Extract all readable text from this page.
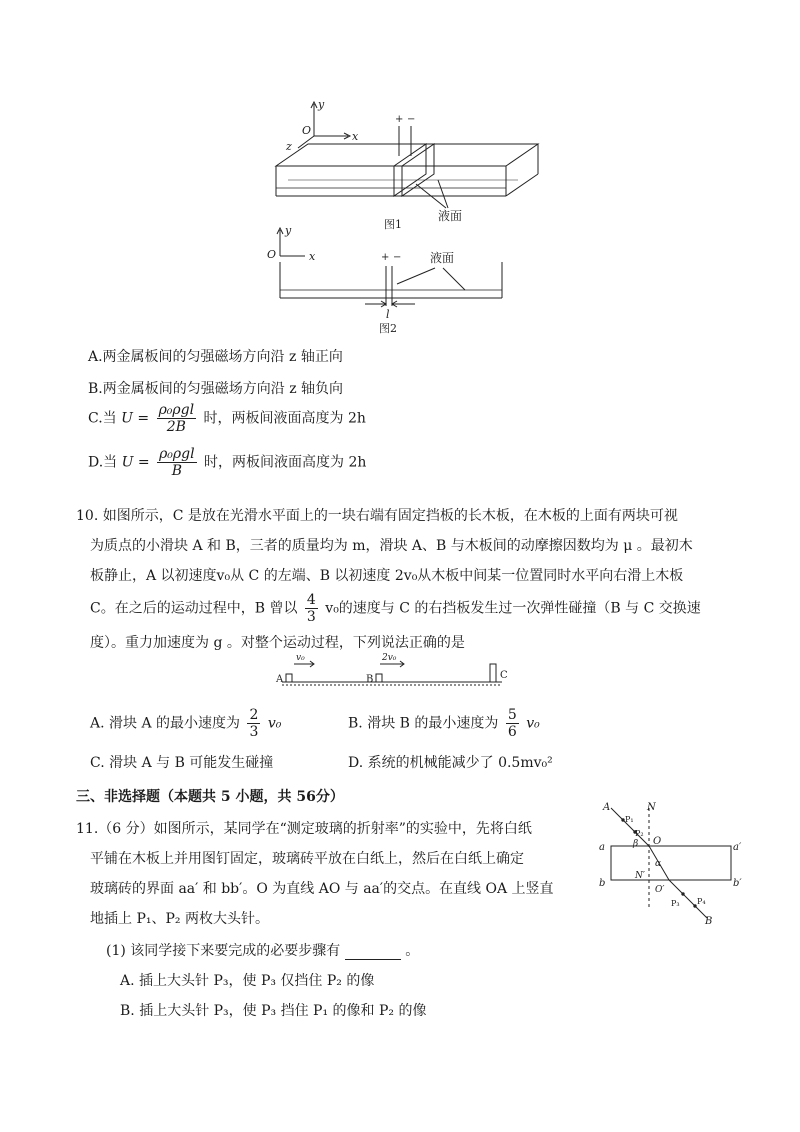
y
x
z
O
+ −
液面
图1
y
x
O	+ − 液面
l
图2
A.两金属板间的匀强磁场方向沿 z 轴正向
B.两金属板间的匀强磁场方向沿 z 轴负向
C.当 $U = \frac{\text{ρ₀ρgl}}{2B}$ 时，两板间液面高度为 2h
D.当 $U = \frac{\text{ρ₀ρgl}}{B}$ 时，两板间液面高度为 2h
10. 如图所示，C 是放在光滑水平面上的一块右端有固定挡板的长木板，在木板的上面有两块可视
为质点的小滑块 A 和 B，三者的质量均为 m，滑块 A、B 与木板间的动摩擦因数均为 μ 。最初木
板静止，A 以初速度v₀从 C 的左端、B 以初速度 2v₀从木板中间某一位置同时水平向右滑上木板
C。在之后的运动过程中，B 曾以 $\frac{4}{3} v_0$的速度与 C 的右挡板发生过一次弹性碰撞（B 与 C 交换速
度）。重力加速度为 g 。对整个运动过程，下列说法正确的是
A	B	C
v₀	2v₀
A. 滑块 A 的最小速度为 $\frac{2}{3} v_0$	B. 滑块 B 的最小速度为 $\frac{5}{6} v_0$
C. 滑块 A 与 B 可能发生碰撞	D. 系统的机械能减少了 0.5mv₀²
三、非选择题（本题共 5 小题，共 56分）
11.（6 分）如图所示，某同学在“测定玻璃的折射率”的实验中，先将白纸
平铺在木板上并用图钉固定，玻璃砖平放在白纸上，然后在白纸上确定
玻璃砖的界面 aa′ 和 bb′。O 为直线 AO 与 aa′的交点。在直线 OA 上竖直
地插上 P₁、P₂ 两枚大头针。
(1) 该同学接下来要完成的必要步骤有	。
A. 插上大头针 P₃，使 P₃ 仅挡住 P₂ 的像
B. 插上大头针 P₃，使 P₃ 挡住 P₁ 的像和 P₂ 的像
A	N
P₁
P₂
O
β
a	a′
b	b′
N′
α
O′
P₃ P₄
B
